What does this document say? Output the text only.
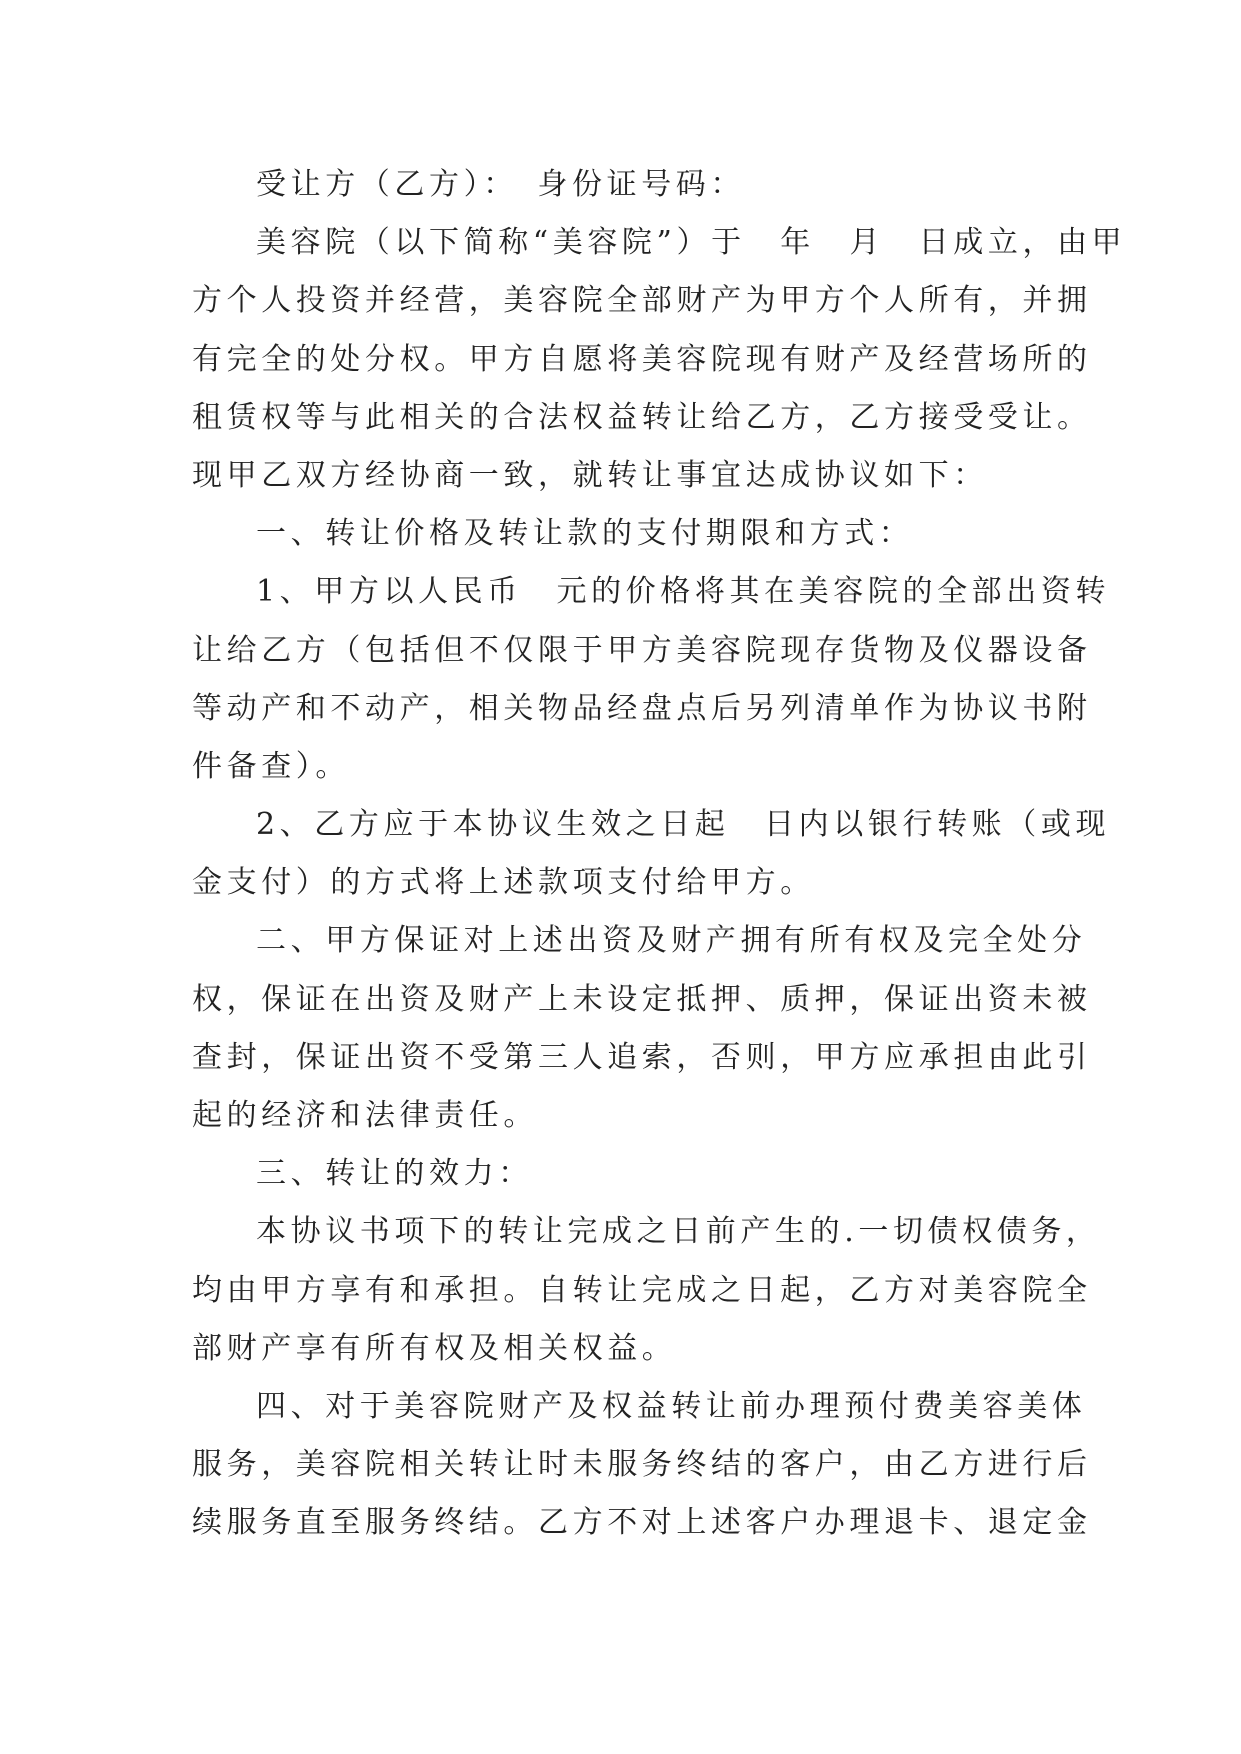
受让方（乙方）：　身份证号码：
美容院（以下简称“美容院”）于　年　月　日成立，由甲
方个人投资并经营，美容院全部财产为甲方个人所有，并拥
有完全的处分权。甲方自愿将美容院现有财产及经营场所的
租赁权等与此相关的合法权益转让给乙方，乙方接受受让。
现甲乙双方经协商一致，就转让事宜达成协议如下：
一、转让价格及转让款的支付期限和方式：
1、甲方以人民币　元的价格将其在美容院的全部出资转
让给乙方（包括但不仅限于甲方美容院现存货物及仪器设备
等动产和不动产，相关物品经盘点后另列清单作为协议书附
件备查）。
2、乙方应于本协议生效之日起　日内以银行转账（或现
金支付）的方式将上述款项支付给甲方。
二、甲方保证对上述出资及财产拥有所有权及完全处分
权，保证在出资及财产上未设定抵押、质押，保证出资未被
查封，保证出资不受第三人追索，否则，甲方应承担由此引
起的经济和法律责任。
三、转让的效力：
本协议书项下的转让完成之日前产生的.一切债权债务，
均由甲方享有和承担。自转让完成之日起，乙方对美容院全
部财产享有所有权及相关权益。
四、对于美容院财产及权益转让前办理预付费美容美体
服务，美容院相关转让时未服务终结的客户，由乙方进行后
续服务直至服务终结。乙方不对上述客户办理退卡、退定金
